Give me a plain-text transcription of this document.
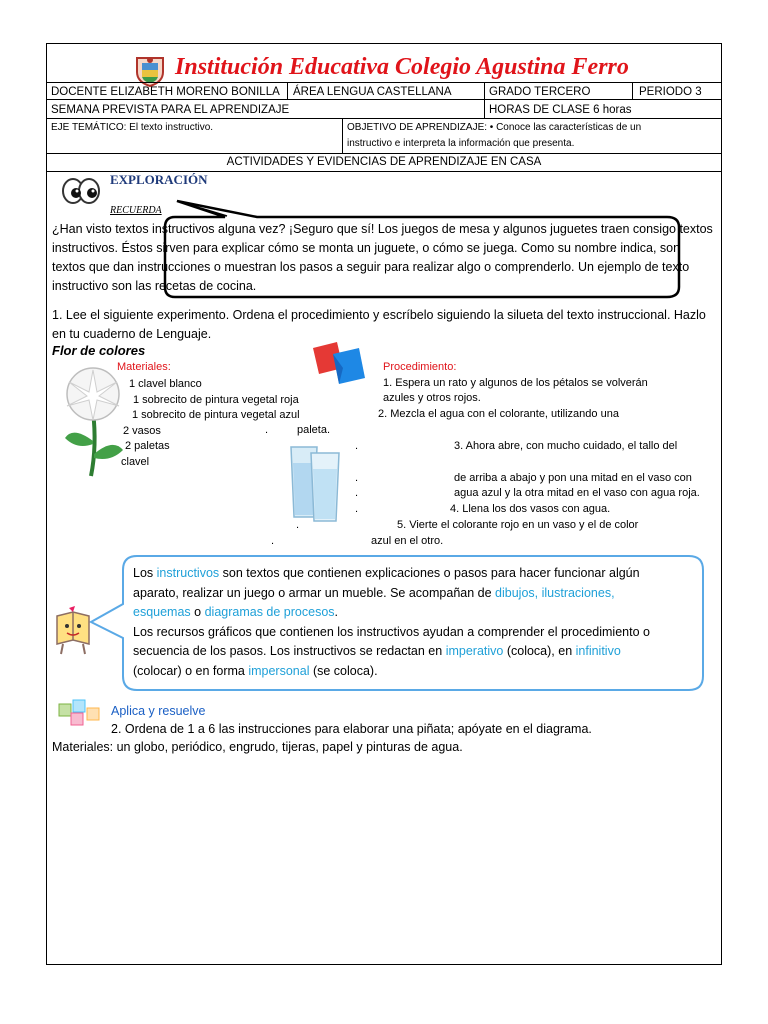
Institución Educativa Colegio Agustina Ferro
DOCENTE ELIZABETH MORENO BONILLA ÁREA LENGUA CASTELLANA	GRADO TERCERO	PERIODO 3
SEMANA PREVISTA PARA EL APRENDIZAJE	HORAS DE CLASE 6 horas
EJE TEMÁTICO: El texto instructivo.	OBJETIVO DE APRENDIZAJE: • Conoce las características de un
instructivo e interpreta la información que presenta.
ACTIVIDADES Y EVIDENCIAS DE APRENDIZAJE EN CASA
EXPLORACIÓN
RECUERDA
¿Han visto textos instructivos alguna vez? ¡Seguro que sí! Los juegos de mesa y algunos juguetes traen consigo textos
instructivos. Éstos sirven para explicar cómo se monta un juguete, o cómo se juega. Como su nombre indica, son
textos que dan instrucciones o muestran los pasos a seguir para realizar algo o comprenderlo. Un ejemplo de texto
instructivo son las recetas de cocina.
1. Lee el siguiente experimento. Ordena el procedimiento y escríbelo siguiendo la silueta del texto instruccional. Hazlo
en tu cuaderno de Lenguaje.
Flor de colores
Materiales:
1 clavel blanco
1 sobrecito de pintura vegetal roja
1 sobrecito de pintura vegetal azul
2 vasos
2 paletas
clavel
Procedimiento:
1. Espera un rato y algunos de los pétalos se volverán
azules y otros rojos.
2. Mezcla el agua con el colorante, utilizando una
paleta.
3. Ahora abre, con mucho cuidado, el tallo del
de arriba a abajo y pon una mitad en el vaso con
agua azul y la otra mitad en el vaso con agua roja.
4. Llena los dos vasos con agua.
5. Vierte el colorante rojo en un vaso y el de color
azul en el otro.
.
.
.
.
.
.
.
Los instructivos son textos que contienen explicaciones o pasos para hacer funcionar algún
aparato, realizar un juego o armar un mueble. Se acompañan de dibujos, ilustraciones,
esquemas o diagramas de procesos.
Los recursos gráficos que contienen los instructivos ayudan a comprender el procedimiento o
secuencia de los pasos. Los instructivos se redactan en imperativo (coloca), en infinitivo
(colocar) o en forma impersonal (se coloca).
Aplica y resuelve
2. Ordena de 1 a 6 las instrucciones para elaborar una piñata; apóyate en el diagrama.
Materiales: un globo, periódico, engrudo, tijeras, papel y pinturas de agua.
